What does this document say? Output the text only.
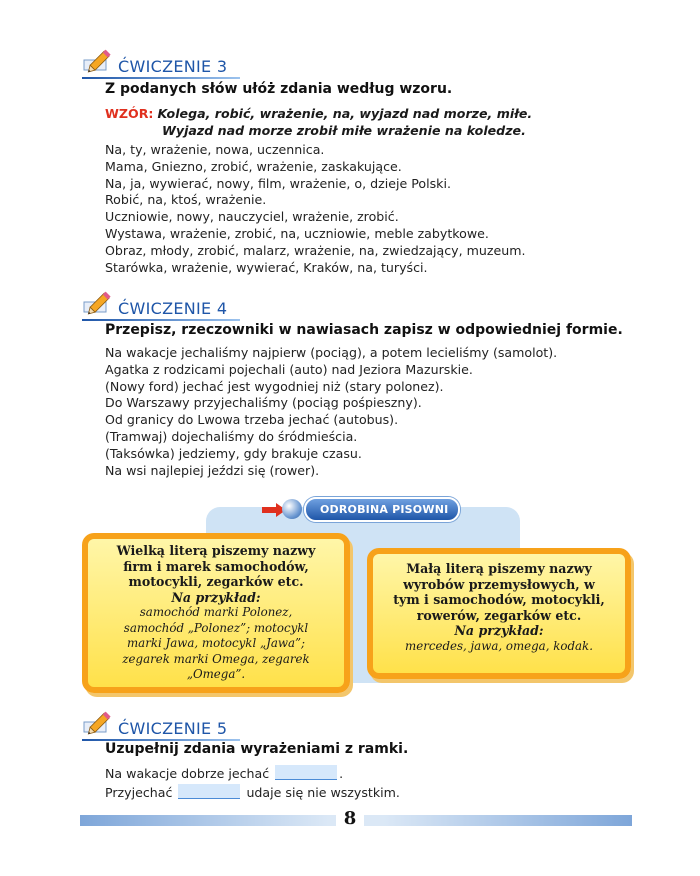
ĆWICZENIE 3
Z podanych słów ułóż zdania według wzoru.
WZÓR: Kolega, robić, wrażenie, na, wyjazd nad morze, miłe.
Wyjazd nad morze zrobił miłe wrażenie na koledze.
Na, ty, wrażenie, nowa, uczennica.
Mama, Gniezno, zrobić, wrażenie, zaskakujące.
Na, ja, wywierać, nowy, film, wrażenie, o, dzieje Polski.
Robić, na, ktoś, wrażenie.
Uczniowie, nowy, nauczyciel, wrażenie, zrobić.
Wystawa, wrażenie, zrobić, na, uczniowie, meble zabytkowe.
Obraz, młody, zrobić, malarz, wrażenie, na, zwiedzający, muzeum.
Starówka, wrażenie, wywierać, Kraków, na, turyści.
ĆWICZENIE 4
Przepisz, rzeczowniki w nawiasach zapisz w odpowiedniej formie.
Na wakacje jechaliśmy najpierw (pociąg), a potem lecieliśmy (samolot).
Agatka z rodzicami pojechali (auto) nad Jeziora Mazurskie.
(Nowy ford) jechać jest wygodniej niż (stary polonez).
Do Warszawy przyjechaliśmy (pociąg pośpieszny).
Od granicy do Lwowa trzeba jechać (autobus).
(Tramwaj) dojechaliśmy do śródmieścia.
(Taksówka) jedziemy, gdy brakuje czasu.
Na wsi najlepiej jeździ się (rower).
ODROBINA PISOWNI
Wielką literą piszemy nazwy
firm i marek samochodów,
motocykli, zegarków etc.
Na przykład:
samochód marki Polonez,
samochód „Polonez”; motocykl
marki Jawa, motocykl „Jawa”;
zegarek marki Omega, zegarek
„Omega”.
Małą literą piszemy nazwy
wyrobów przemysłowych, w
tym i samochodów, motocykli,
rowerów, zegarków etc.
Na przykład:
mercedes, jawa, omega, kodak.
ĆWICZENIE 5
Uzupełnij zdania wyrażeniami z ramki.
Na wakacje dobrze jechać	.
Przyjechać	udaje się nie wszystkim.
8
